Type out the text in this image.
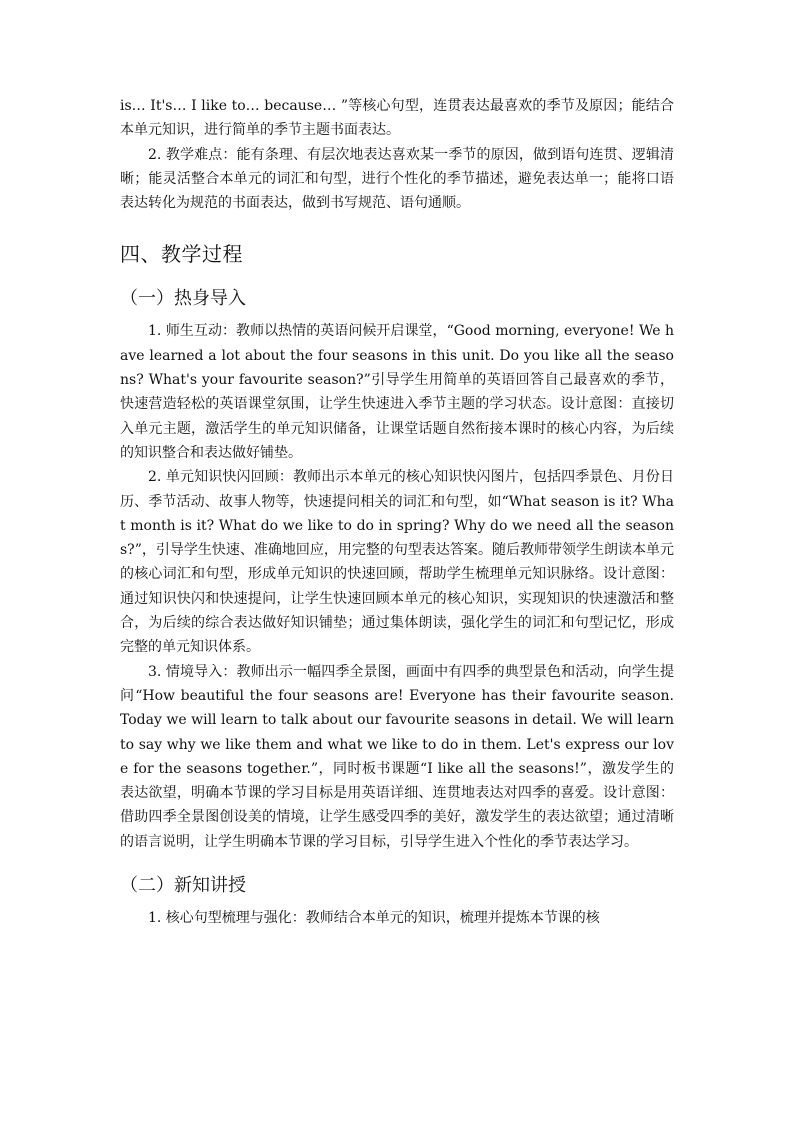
is… It's… I like to… because… ”等核心句型，连贯表达最喜欢的季节及原因；能结合本单元知识，进行简单的季节主题书面表达。

2. 教学难点：能有条理、有层次地表达喜欢某一季节的原因，做到语句连贯、逻辑清晰；能灵活整合本单元的词汇和句型，进行个性化的季节描述，避免表达单一；能将口语表达转化为规范的书面表达，做到书写规范、语句通顺。

四、教学过程
（一）热身导入

1. 师生互动：教师以热情的英语问候开启课堂，“Good morning, everyone! We have learned a lot about the four seasons in this unit. Do you like all the seasons? What's your favourite season?”引导学生用简单的英语回答自己最喜欢的季节，快速营造轻松的英语课堂氛围，让学生快速进入季节主题的学习状态。设计意图：直接切入单元主题，激活学生的单元知识储备，让课堂话题自然衔接本课时的核心内容，为后续的知识整合和表达做好铺垫。

2. 单元知识快闪回顾：教师出示本单元的核心知识快闪图片，包括四季景色、月份日历、季节活动、故事人物等，快速提问相关的词汇和句型，如“What season is it? What month is it? What do we like to do in spring? Why do we need all the seasons?”，引导学生快速、准确地回应，用完整的句型表达答案。随后教师带领学生朗读本单元的核心词汇和句型，形成单元知识的快速回顾，帮助学生梳理单元知识脉络。设计意图：通过知识快闪和快速提问，让学生快速回顾本单元的核心知识，实现知识的快速激活和整合，为后续的综合表达做好知识铺垫；通过集体朗读，强化学生的词汇和句型记忆，形成完整的单元知识体系。

3. 情境导入：教师出示一幅四季全景图，画面中有四季的典型景色和活动，向学生提问“How beautiful the four seasons are! Everyone has their favourite season. Today we will learn to talk about our favourite seasons in detail. We will learn to say why we like them and what we like to do in them. Let's express our love for the seasons together.”，同时板书课题“I like all the seasons!”，激发学生的表达欲望，明确本节课的学习目标是用英语详细、连贯地表达对四季的喜爱。设计意图：借助四季全景图创设美的情境，让学生感受四季的美好，激发学生的表达欲望；通过清晰的语言说明，让学生明确本节课的学习目标，引导学生进入个性化的季节表达学习。

（二）新知讲授

1. 核心句型梳理与强化：教师结合本单元的知识，梳理并提炼本节课的核
